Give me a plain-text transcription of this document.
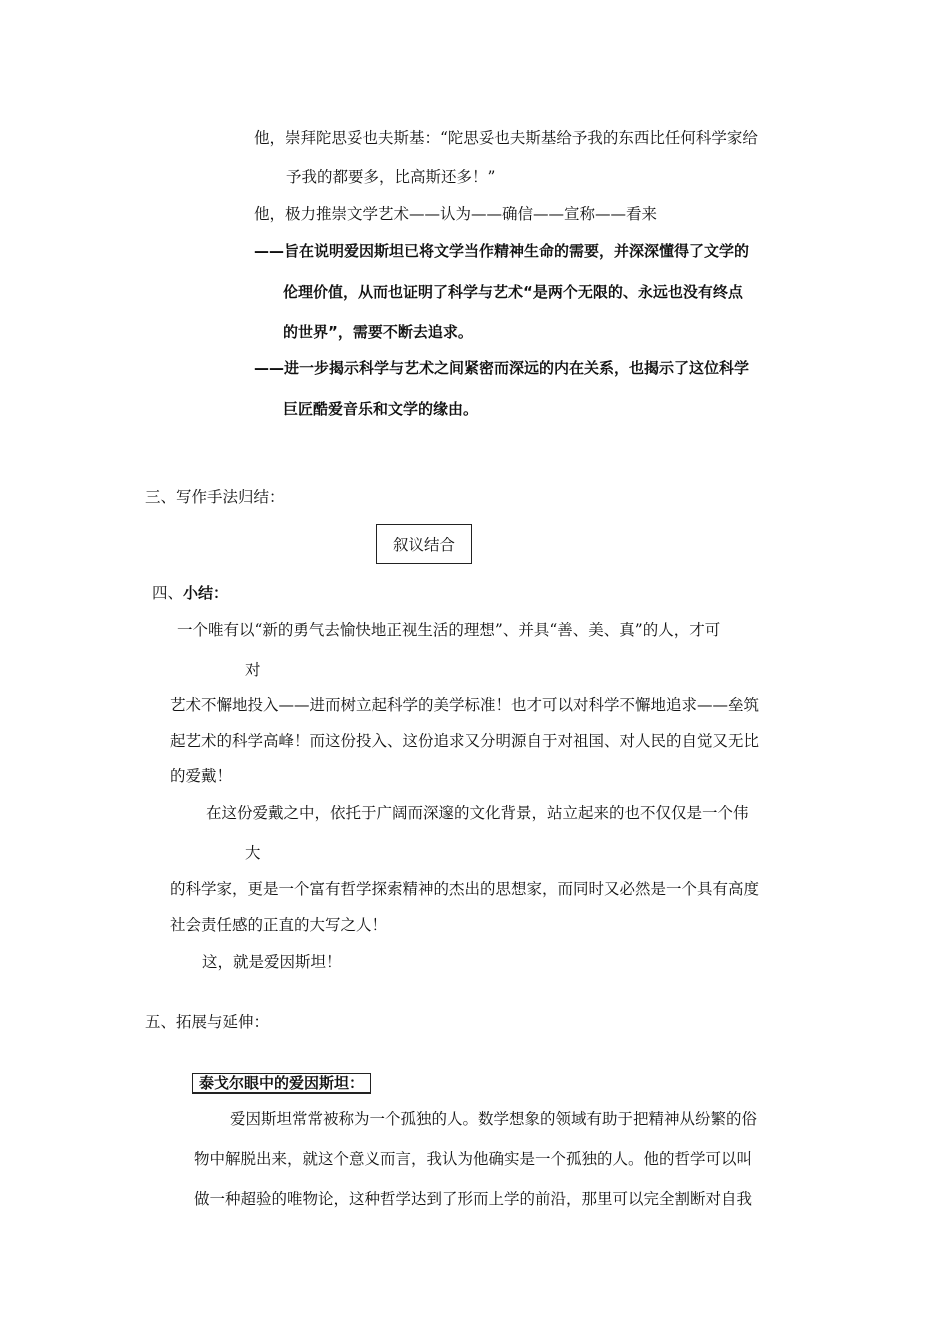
他，崇拜陀思妥也夫斯基：“陀思妥也夫斯基给予我的东西比任何科学家给
予我的都要多，比高斯还多！”
他，极力推崇文学艺术——认为——确信——宣称——看来
——旨在说明爱因斯坦已将文学当作精神生命的需要，并深深懂得了文学的
伦理价值，从而也证明了科学与艺术“是两个无限的、永远也没有终点
的世界”，需要不断去追求。
——进一步揭示科学与艺术之间紧密而深远的内在关系，也揭示了这位科学
巨匠酷爱音乐和文学的缘由。
三、写作手法归结：
叙议结合
四、小结：
一个唯有以“新的勇气去愉快地正视生活的理想”、并具“善、美、真”的人，才可
对
艺术不懈地投入——进而树立起科学的美学标准！也才可以对科学不懈地追求——垒筑
起艺术的科学高峰！而这份投入、这份追求又分明源自于对祖国、对人民的自觉又无比
的爱戴！
在这份爱戴之中，依托于广阔而深邃的文化背景，站立起来的也不仅仅是一个伟
大
的科学家，更是一个富有哲学探索精神的杰出的思想家，而同时又必然是一个具有高度
社会责任感的正直的大写之人！
这，就是爱因斯坦！
五、拓展与延伸：
泰戈尔眼中的爱因斯坦：
爱因斯坦常常被称为一个孤独的人。数学想象的领域有助于把精神从纷繁的俗
物中解脱出来，就这个意义而言，我认为他确实是一个孤独的人。他的哲学可以叫
做一种超验的唯物论，这种哲学达到了形而上学的前沿，那里可以完全割断对自我
